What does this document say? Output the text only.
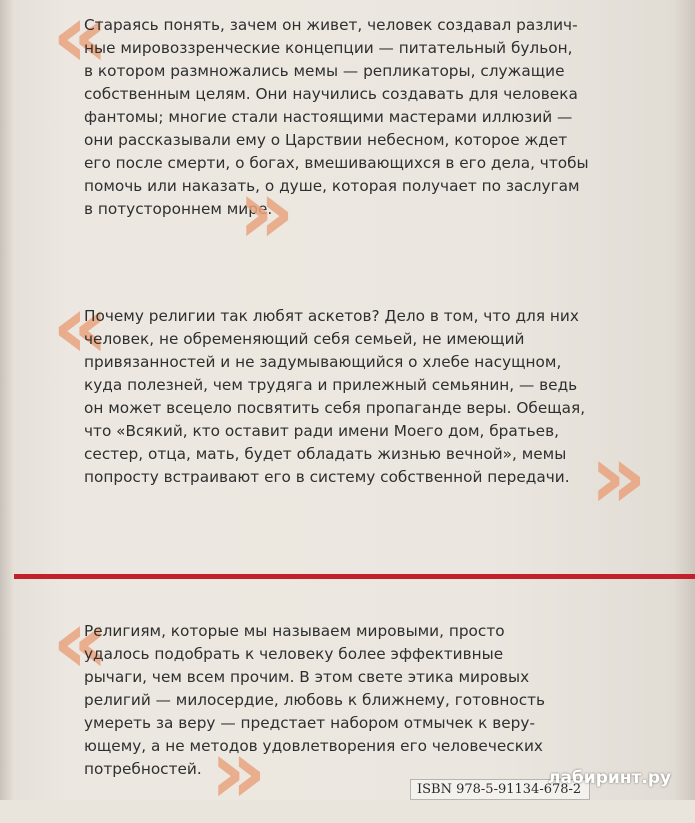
«

Стараясь понять, зачем он живет, человек создавал различ-
ные мировоззренческие концепции — питательный бульон,
в котором размножались мемы — репликаторы, служащие
собственным целям. Они научились создавать для человека
фантомы; многие стали настоящими мастерами иллюзий —
они рассказывали ему о Царствии небесном, которое ждет
его после смерти, о богах, вмешивающихся в его дела, чтобы
помочь или наказать, о душе, которая получает по заслугам
в потустороннем мире.

»
«

Почему религии так любят аскетов? Дело в том, что для них
человек, не обременяющий себя семьей, не имеющий
привязанностей и не задумывающийся о хлебе насущном,
куда полезней, чем трудяга и прилежный семьянин, — ведь
он может всецело посвятить себя пропаганде веры. Обещая,
что «Всякий, кто оставит ради имени Моего дом, братьев,
сестер, отца, мать, будет обладать жизнью вечной», мемы
попросту встраивают его в систему собственной передачи. »
«

Религиям, которые мы называем мировыми, просто
удалось подобрать к человеку более эффективные
рычаги, чем всем прочим. В этом свете этика мировых
религий — милосердие, любовь к ближнему, готовность
умереть за веру — предстает набором отмычек к веру-
ющему, а не методов удовлетворения его человеческих
потребностей. »	ISBN 978-5-91134-678-2
лабиринт.ру
